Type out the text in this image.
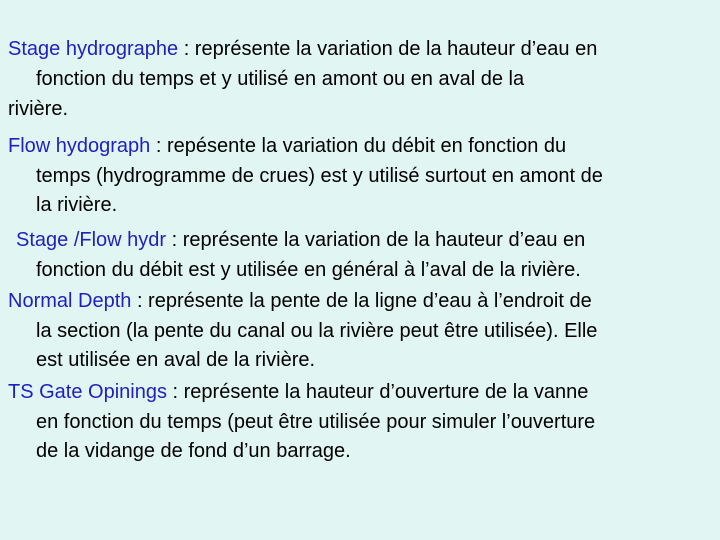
Stage hydrographe : représente la variation de la hauteur d’eau en
fonction du temps et y utilisé en amont ou en aval de la
rivière.
Flow hydograph : repésente la variation du débit en fonction du
temps (hydrogramme de crues) est y utilisé surtout en amont de
la rivière.
Stage /Flow hydr : représente la variation de la hauteur d’eau en
fonction du débit est y utilisée en général à l’aval de la rivière.
Normal Depth : représente la pente de la ligne d’eau à l’endroit de
la section (la pente du canal ou la rivière peut être utilisée). Elle
est utilisée en aval de la rivière.
TS Gate Opinings : représente la hauteur d’ouverture de la vanne
en fonction du temps (peut être utilisée pour simuler l’ouverture
de la vidange de fond d’un barrage.
